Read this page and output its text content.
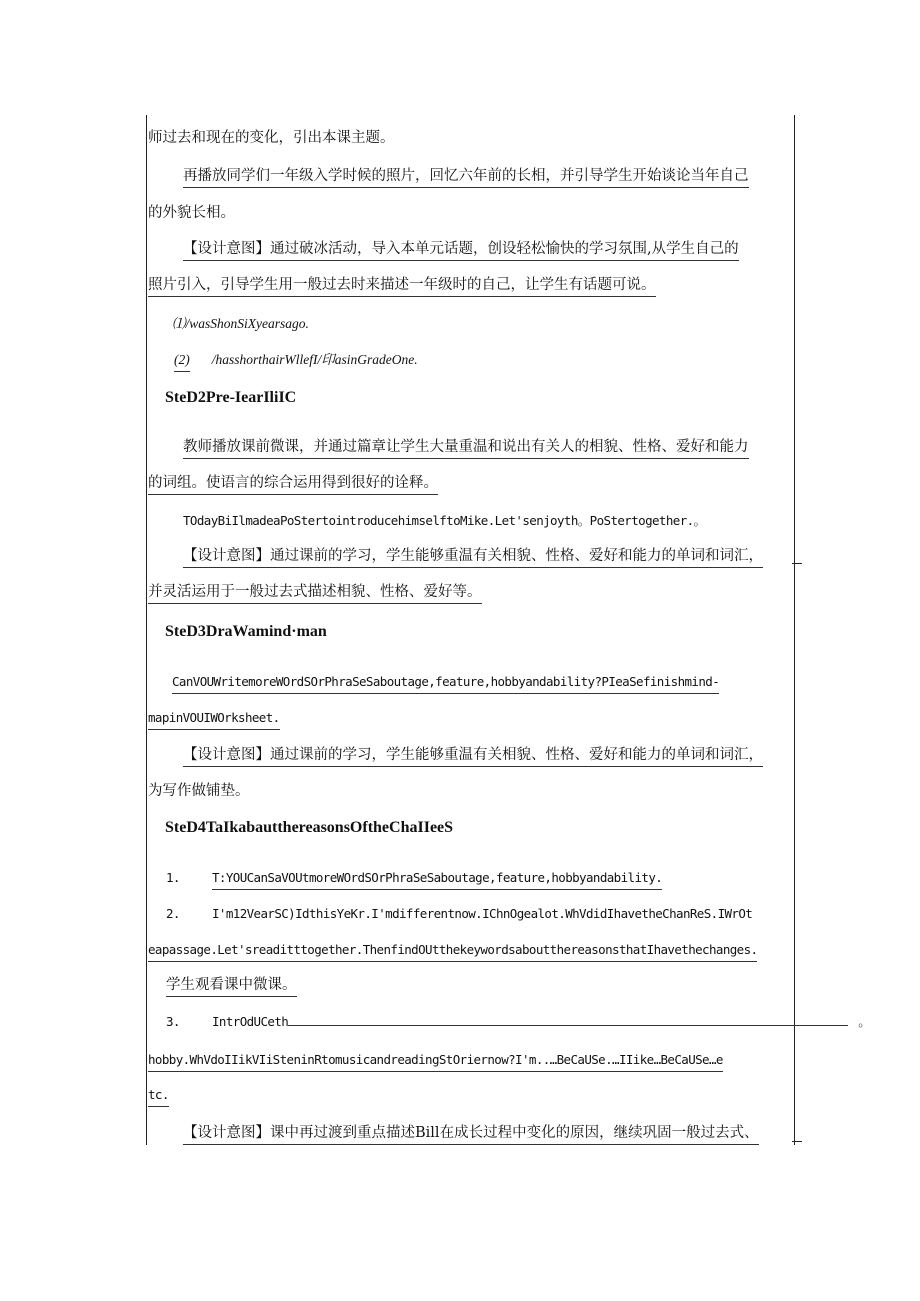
师过去和现在的变化，引出本课主题。
再播放同学们一年级入学时候的照片，回忆六年前的长相，并引导学生开始谈论当年自己
的外貌长相。
【设计意图】通过破冰活动，导入本单元话题，创设轻松愉快的学习氛围,从学生自己的
照片引入，引导学生用一般过去时来描述一年级时的自己，让学生有话题可说。
⑴/wasShonSiXyearsago.
(2) /hasshorthairWllefI/印asinGradeOne.
SteD2Pre-IearIliIC
教师播放课前微课，并通过篇章让学生大量重温和说出有关人的相貌、性格、爱好和能力
的词组。使语言的综合运用得到很好的诠释。
TOdayBiIlmadeaPoStertointroducehimselftoMike.Let'senjoyth。PoStertogether.。
【设计意图】通过课前的学习，学生能够重温有关相貌、性格、爱好和能力的单词和词汇，
并灵活运用于一般过去式描述相貌、性格、爱好等。
SteD3DraWamind·man
CanVOUWritemoreWOrdSOrPhraSeSaboutage,feature,hobbyandability?PIeaSefinishmind-
mapinVOUIWOrksheet.
【设计意图】通过课前的学习，学生能够重温有关相貌、性格、爱好和能力的单词和词汇，
为写作做铺垫。
SteD4TaIkabautthereasonsOftheChaIIeeS
1.	T:YOUCanSaVOUtmoreWOrdSOrPhraSeSaboutage,feature,hobbyandability.
2.	I'm12VearSC)IdthisYeKr.I'mdifferentnow.IChnOgealot.WhVdidIhavetheChanReS.IWrOt
eapassage.Let'sreaditttogether.ThenfindOUtthekeywordsaboutthereasonsthatIhavethechanges.
学生观看课中微课。
3.	IntrOdUCeth	。
hobby.WhVdoIIikVIiSteninRtomusicandreadingStOriernow?I'm..…BeCaUSe.…IIike…BeCaUSe…e
tc.
【设计意图】课中再过渡到重点描述Bill在成长过程中变化的原因，继续巩固一般过去式、
